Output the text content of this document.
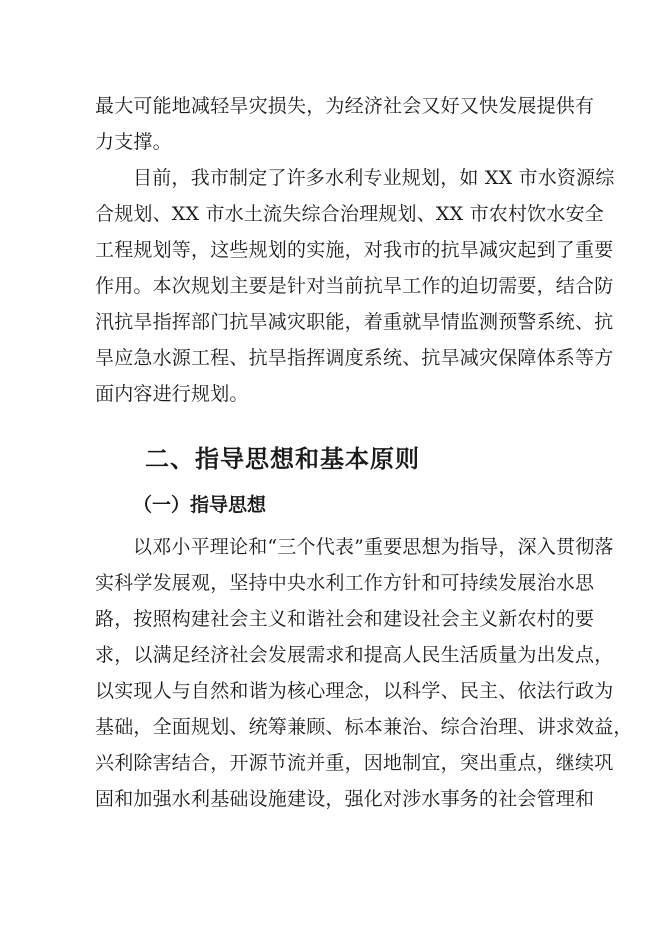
最大可能地减轻旱灾损失，为经济社会又好又快发展提供有
力支撑。
目前，我市制定了许多水利专业规划，如 XX 市水资源综
合规划、XX 市水土流失综合治理规划、XX 市农村饮水安全
工程规划等，这些规划的实施，对我市的抗旱减灾起到了重要
作用。本次规划主要是针对当前抗旱工作的迫切需要，结合防
汛抗旱指挥部门抗旱减灾职能，着重就旱情监测预警系统、抗
旱应急水源工程、抗旱指挥调度系统、抗旱减灾保障体系等方
面内容进行规划。
二、指导思想和基本原则
（一）指导思想
以邓小平理论和“三个代表”重要思想为指导，深入贯彻落
实科学发展观，坚持中央水利工作方针和可持续发展治水思
路，按照构建社会主义和谐社会和建设社会主义新农村的要
求，以满足经济社会发展需求和提高人民生活质量为出发点，
以实现人与自然和谐为核心理念，以科学、民主、依法行政为
基础，全面规划、统筹兼顾、标本兼治、综合治理、讲求效益，
兴利除害结合，开源节流并重，因地制宜，突出重点，继续巩
固和加强水利基础设施建设，强化对涉水事务的社会管理和
